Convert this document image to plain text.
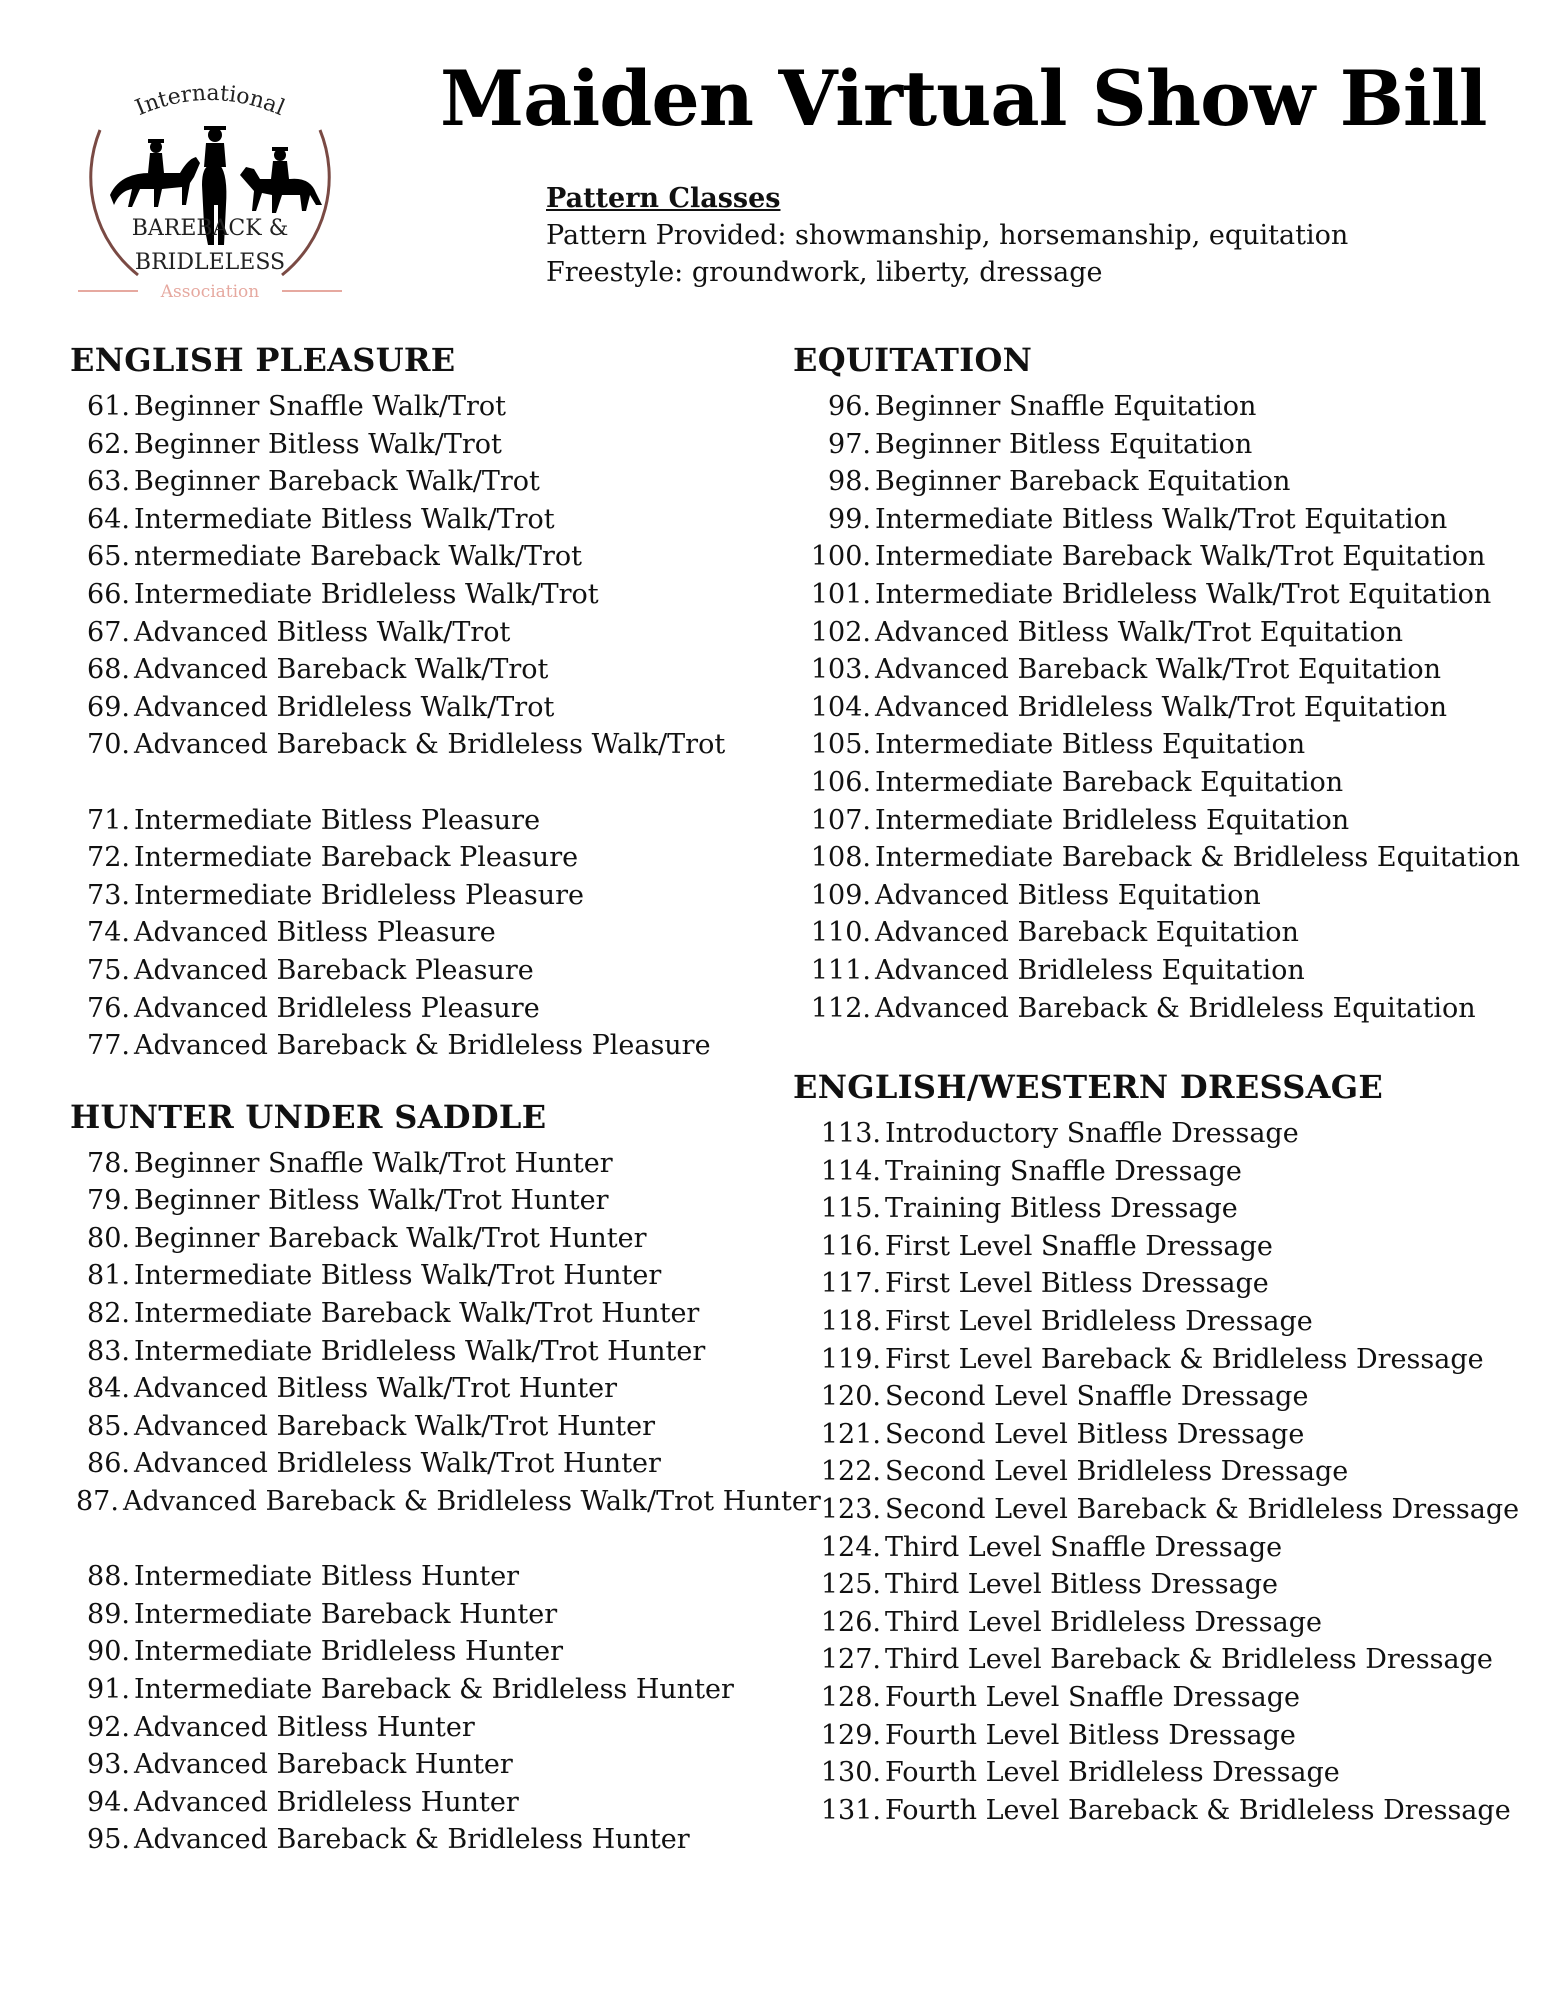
International
BAREBACK &
BRIDLELESS
Association
Maiden Virtual Show Bill
Pattern Classes
Pattern Provided: showmanship, horsemanship, equitation
Freestyle: groundwork, liberty, dressage
ENGLISH PLEASURE
61. Beginner Snaffle Walk/Trot
62. Beginner Bitless Walk/Trot
63. Beginner Bareback Walk/Trot
64. Intermediate Bitless Walk/Trot
65. ntermediate Bareback Walk/Trot
66. Intermediate Bridleless Walk/Trot
67. Advanced Bitless Walk/Trot
68. Advanced Bareback Walk/Trot
69. Advanced Bridleless Walk/Trot
70. Advanced Bareback & Bridleless Walk/Trot
71. Intermediate Bitless Pleasure
72. Intermediate Bareback Pleasure
73. Intermediate Bridleless Pleasure
74. Advanced Bitless Pleasure
75. Advanced Bareback Pleasure
76. Advanced Bridleless Pleasure
77. Advanced Bareback & Bridleless Pleasure
HUNTER UNDER SADDLE
78. Beginner Snaffle Walk/Trot Hunter
79. Beginner Bitless Walk/Trot Hunter
80. Beginner Bareback Walk/Trot Hunter
81. Intermediate Bitless Walk/Trot Hunter
82. Intermediate Bareback Walk/Trot Hunter
83. Intermediate Bridleless Walk/Trot Hunter
84. Advanced Bitless Walk/Trot Hunter
85. Advanced Bareback Walk/Trot Hunter
86. Advanced Bridleless Walk/Trot Hunter
87. Advanced Bareback & Bridleless Walk/Trot Hunter
88. Intermediate Bitless Hunter
89. Intermediate Bareback Hunter
90. Intermediate Bridleless Hunter
91. Intermediate Bareback & Bridleless Hunter
92. Advanced Bitless Hunter
93. Advanced Bareback Hunter
94. Advanced Bridleless Hunter
95. Advanced Bareback & Bridleless Hunter
EQUITATION
96. Beginner Snaffle Equitation
97. Beginner Bitless Equitation
98. Beginner Bareback Equitation
99. Intermediate Bitless Walk/Trot Equitation
100. Intermediate Bareback Walk/Trot Equitation
101. Intermediate Bridleless Walk/Trot Equitation
102. Advanced Bitless Walk/Trot Equitation
103. Advanced Bareback Walk/Trot Equitation
104. Advanced Bridleless Walk/Trot Equitation
105. Intermediate Bitless Equitation
106. Intermediate Bareback Equitation
107. Intermediate Bridleless Equitation
108. Intermediate Bareback & Bridleless Equitation
109. Advanced Bitless Equitation
110. Advanced Bareback Equitation
111. Advanced Bridleless Equitation
112. Advanced Bareback & Bridleless Equitation
ENGLISH/WESTERN DRESSAGE
113. Introductory Snaffle Dressage
114. Training Snaffle Dressage
115. Training Bitless Dressage
116. First Level Snaffle Dressage
117. First Level Bitless Dressage
118. First Level Bridleless Dressage
119. First Level Bareback & Bridleless Dressage
120. Second Level Snaffle Dressage
121. Second Level Bitless Dressage
122. Second Level Bridleless Dressage
123. Second Level Bareback & Bridleless Dressage
124. Third Level Snaffle Dressage
125. Third Level Bitless Dressage
126. Third Level Bridleless Dressage
127. Third Level Bareback & Bridleless Dressage
128. Fourth Level Snaffle Dressage
129. Fourth Level Bitless Dressage
130. Fourth Level Bridleless Dressage
131. Fourth Level Bareback & Bridleless Dressage
